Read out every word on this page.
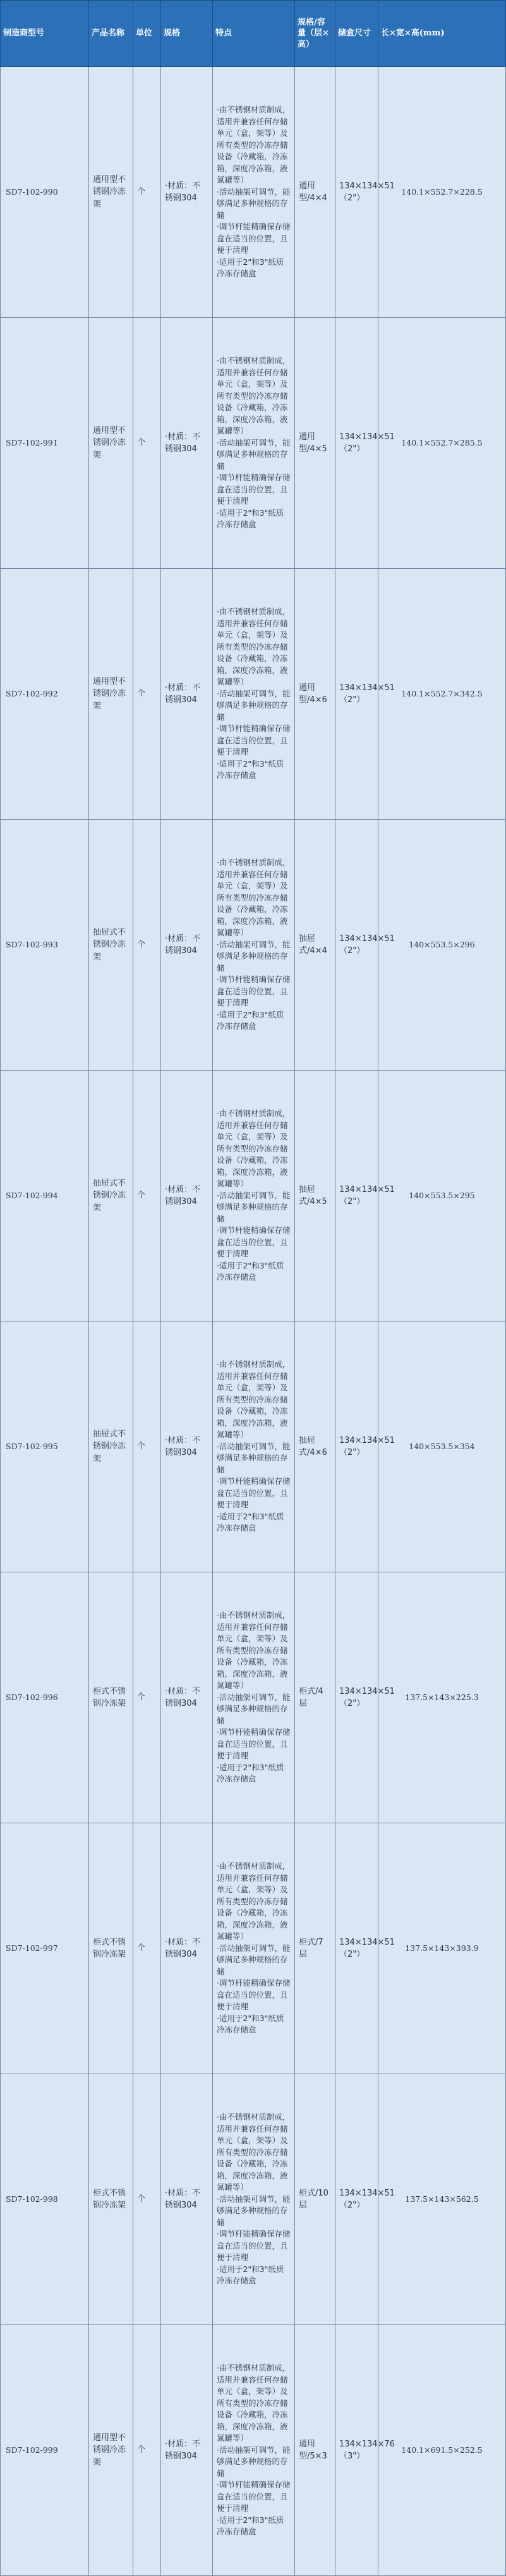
制造商型号	产品名称	单位	规格	特点	规格/容量（层×高）	储盒尺寸	长×宽×高(mm)
SD7-102-990	通用型不锈钢冷冻架	个	·材质：不锈钢304	·由不锈钢材质制成，适用并兼容任何存储单元（盒，架等）及所有类型的冷冻存储设备（冷藏箱，冷冻箱，深度冷冻箱，液氮罐等）
·活动抽架可调节，能够满足多种规格的存储
·调节杆能精确保存储盒在适当的位置，且便于清理
·适用于2"和3"纸质冷冻存储盒	通用型/4×4	134×134×51（2"）	140.1×552.7×228.5
SD7-102-991	通用型不锈钢冷冻架	个	·材质：不锈钢304	·由不锈钢材质制成，适用并兼容任何存储单元（盒，架等）及所有类型的冷冻存储设备（冷藏箱，冷冻箱，深度冷冻箱，液氮罐等）
·活动抽架可调节，能够满足多种规格的存储
·调节杆能精确保存储盒在适当的位置，且便于清理
·适用于2"和3"纸质冷冻存储盒	通用型/4×5	134×134×51（2"）	140.1×552.7×285.5
SD7-102-992	通用型不锈钢冷冻架	个	·材质：不锈钢304	·由不锈钢材质制成，适用并兼容任何存储单元（盒，架等）及所有类型的冷冻存储设备（冷藏箱，冷冻箱，深度冷冻箱，液氮罐等）
·活动抽架可调节，能够满足多种规格的存储
·调节杆能精确保存储盒在适当的位置，且便于清理
·适用于2"和3"纸质冷冻存储盒	通用型/4×6	134×134×51（2"）	140.1×552.7×342.5
SD7-102-993	抽屉式不锈钢冷冻架	个	·材质：不锈钢304	·由不锈钢材质制成，适用并兼容任何存储单元（盒，架等）及所有类型的冷冻存储设备（冷藏箱，冷冻箱，深度冷冻箱，液氮罐等）
·活动抽架可调节，能够满足多种规格的存储
·调节杆能精确保存储盒在适当的位置，且便于清理
·适用于2"和3"纸质冷冻存储盒	抽屉式/4×4	134×134×51（2"）	140×553.5×296
SD7-102-994	抽屉式不锈钢冷冻架	个	·材质：不锈钢304	·由不锈钢材质制成，适用并兼容任何存储单元（盒，架等）及所有类型的冷冻存储设备（冷藏箱，冷冻箱，深度冷冻箱，液氮罐等）
·活动抽架可调节，能够满足多种规格的存储
·调节杆能精确保存储盒在适当的位置，且便于清理
·适用于2"和3"纸质冷冻存储盒	抽屉式/4×5	134×134×51（2"）	140×553.5×295
SD7-102-995	抽屉式不锈钢冷冻架	个	·材质：不锈钢304	·由不锈钢材质制成，适用并兼容任何存储单元（盒，架等）及所有类型的冷冻存储设备（冷藏箱，冷冻箱，深度冷冻箱，液氮罐等）
·活动抽架可调节，能够满足多种规格的存储
·调节杆能精确保存储盒在适当的位置，且便于清理
·适用于2"和3"纸质冷冻存储盒	抽屉式/4×6	134×134×51（2"）	140×553.5×354
SD7-102-996	柜式不锈钢冷冻架	个	·材质：不锈钢304	·由不锈钢材质制成，适用并兼容任何存储单元（盒，架等）及所有类型的冷冻存储设备（冷藏箱，冷冻箱，深度冷冻箱，液氮罐等）
·活动抽架可调节，能够满足多种规格的存储
·调节杆能精确保存储盒在适当的位置，且便于清理
·适用于2"和3"纸质冷冻存储盒	柜式/4层	134×134×51（2"）	137.5×143×225.3
SD7-102-997	柜式不锈钢冷冻架	个	·材质：不锈钢304	·由不锈钢材质制成，适用并兼容任何存储单元（盒，架等）及所有类型的冷冻存储设备（冷藏箱，冷冻箱，深度冷冻箱，液氮罐等）
·活动抽架可调节，能够满足多种规格的存储
·调节杆能精确保存储盒在适当的位置，且便于清理
·适用于2"和3"纸质冷冻存储盒	柜式/7层	134×134×51（2"）	137.5×143×393.9
SD7-102-998	柜式不锈钢冷冻架	个	·材质：不锈钢304	·由不锈钢材质制成，适用并兼容任何存储单元（盒，架等）及所有类型的冷冻存储设备（冷藏箱，冷冻箱，深度冷冻箱，液氮罐等）
·活动抽架可调节，能够满足多种规格的存储
·调节杆能精确保存储盒在适当的位置，且便于清理
·适用于2"和3"纸质冷冻存储盒	柜式/10层	134×134×51（2"）	137.5×143×562.5
SD7-102-999	通用型不锈钢冷冻架	个	·材质：不锈钢304	·由不锈钢材质制成，适用并兼容任何存储单元（盒，架等）及所有类型的冷冻存储设备（冷藏箱，冷冻箱，深度冷冻箱，液氮罐等）
·活动抽架可调节，能够满足多种规格的存储
·调节杆能精确保存储盒在适当的位置，且便于清理
·适用于2"和3"纸质冷冻存储盒	通用型/5×3	134×134×76（3"）	140.1×691.5×252.5
